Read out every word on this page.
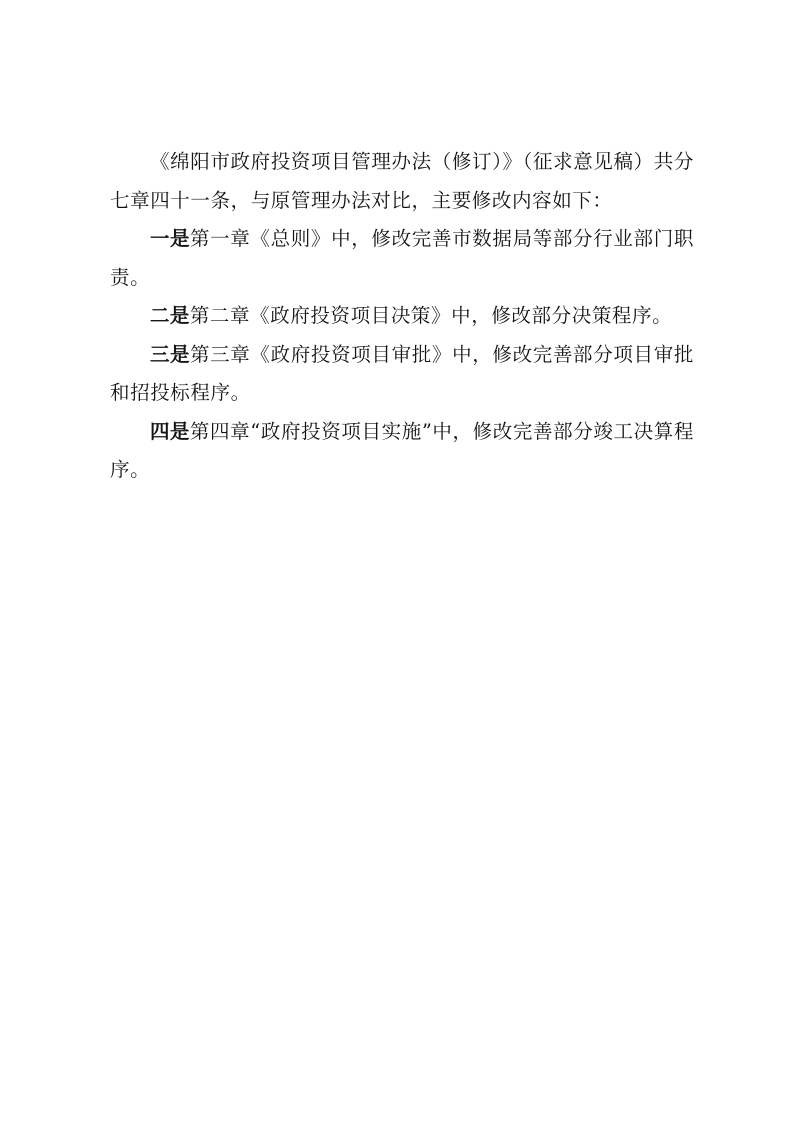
《绵阳市政府投资项目管理办法（修订）》（征求意见稿）共分七章四十一条，与原管理办法对比，主要修改内容如下：

一是第一章《总则》中，修改完善市数据局等部分行业部门职责。

二是第二章《政府投资项目决策》中，修改部分决策程序。

三是第三章《政府投资项目审批》中，修改完善部分项目审批和招投标程序。

四是第四章“政府投资项目实施”中，修改完善部分竣工决算程序。
